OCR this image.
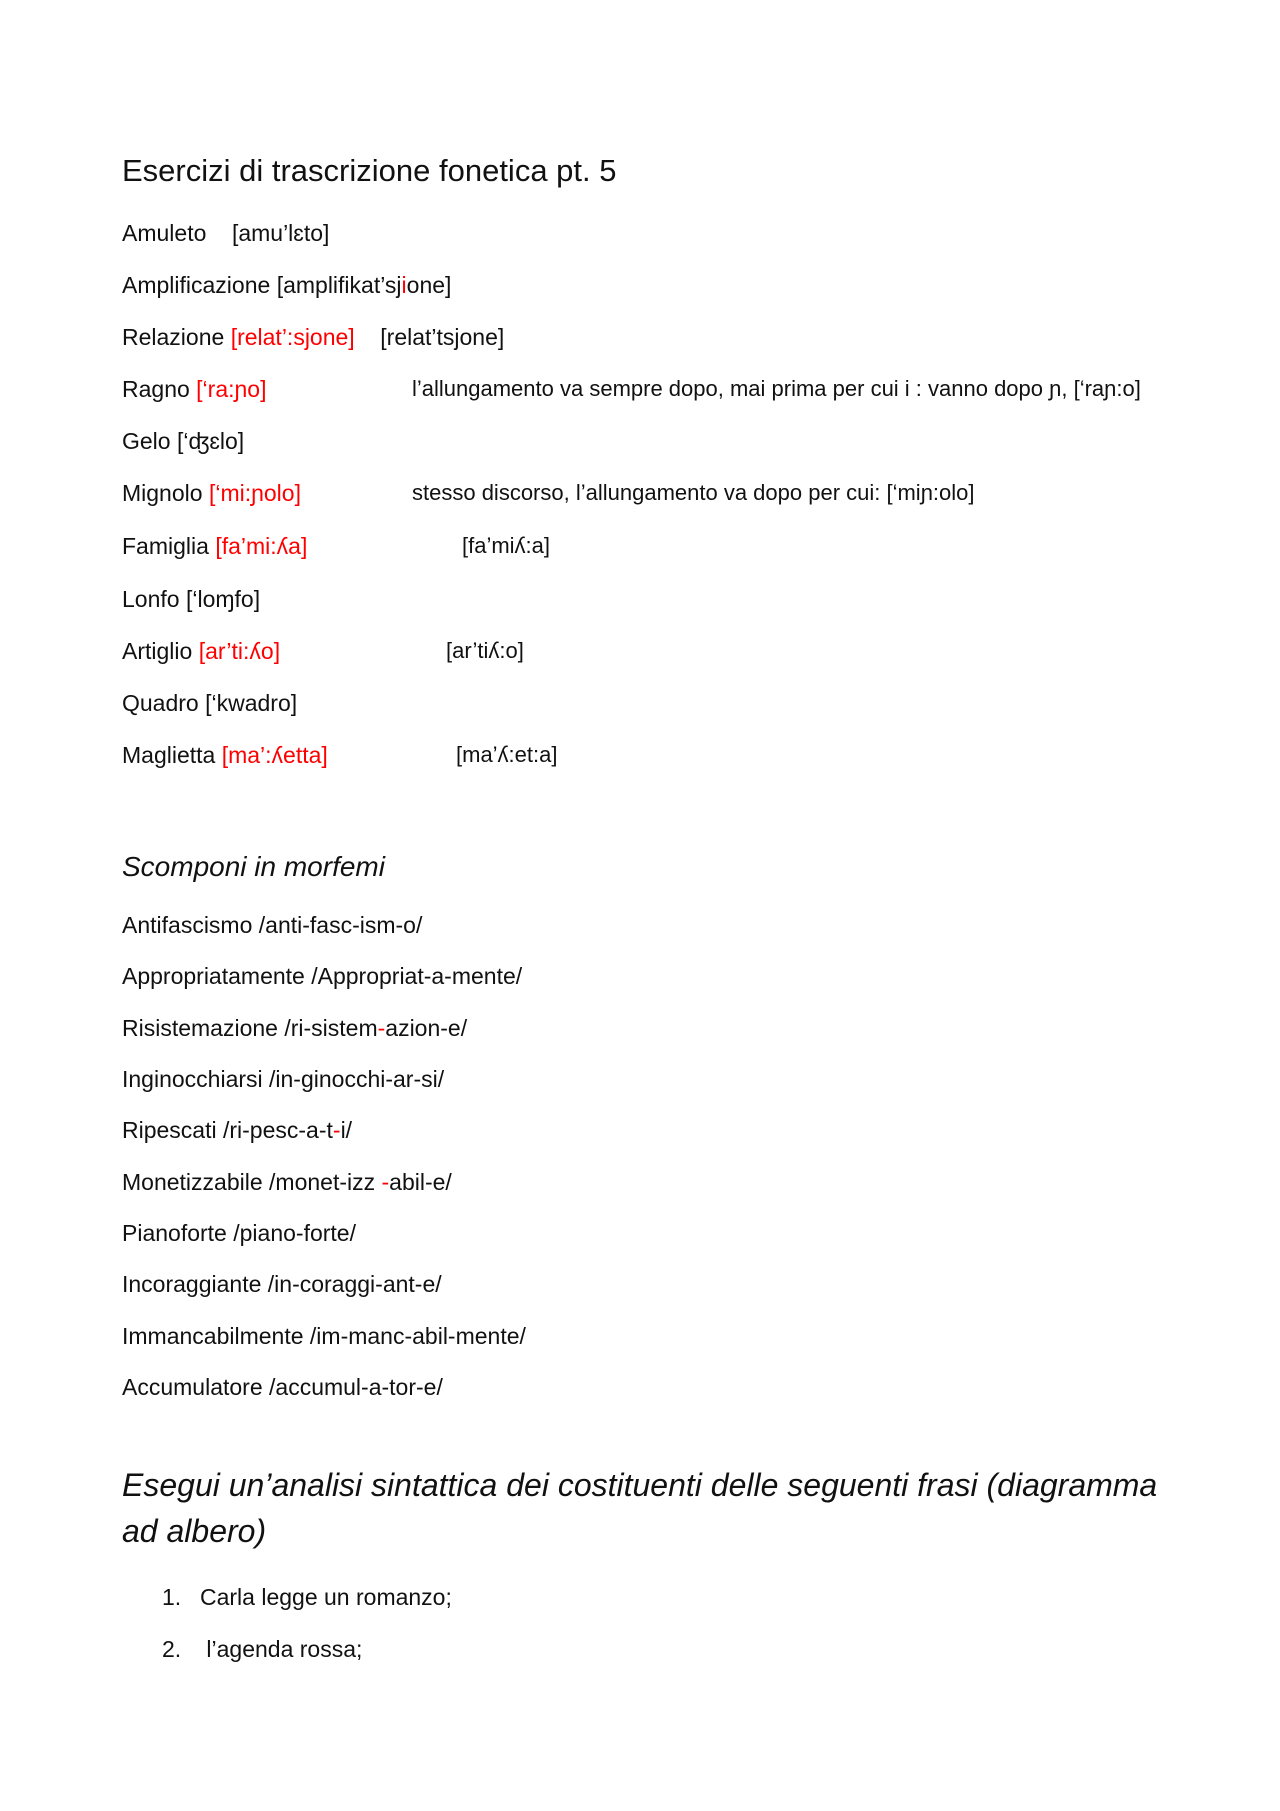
Esercizi di trascrizione fonetica pt. 5
Amuleto [amu’lɛto]
Amplificazione [amplifikat’sjione]
Relazione [relat’:sjone]    [relat’tsjone]
Ragno [‘ra:ɲo]	l’allungamento va sempre dopo, mai prima per cui i : vanno dopo ɲ, [‘raɲ:o]
Gelo [‘ʤɛlo]
Mignolo [‘mi:ɲolo]	stesso discorso, l’allungamento va dopo per cui: [‘miɲ:olo]
Famiglia [fa’mi:ʎa]	[fa’miʎ:a]
Lonfo [‘loɱfo]
Artiglio [ar’ti:ʎo]	[ar’tiʎ:o]
Quadro [‘kwadro]
Maglietta [ma’:ʎetta]	[ma’ʎ:et:a]
Scomponi in morfemi
Antifascismo /anti-fasc-ism-o/
Appropriatamente /Appropriat-a-mente/
Risistemazione /ri-sistem-azion-e/
Inginocchiarsi /in-ginocchi-ar-si/
Ripescati /ri-pesc-a-t-i/
Monetizzabile /monet-izz -abil-e/
Pianoforte /piano-forte/
Incoraggiante /in-coraggi-ant-e/
Immancabilmente /im-manc-abil-mente/
Accumulatore /accumul-a-tor-e/
Esegui un’analisi sintattica dei costituenti delle seguenti frasi (diagramma ad albero)
1. Carla legge un romanzo;
2. l’agenda rossa;
